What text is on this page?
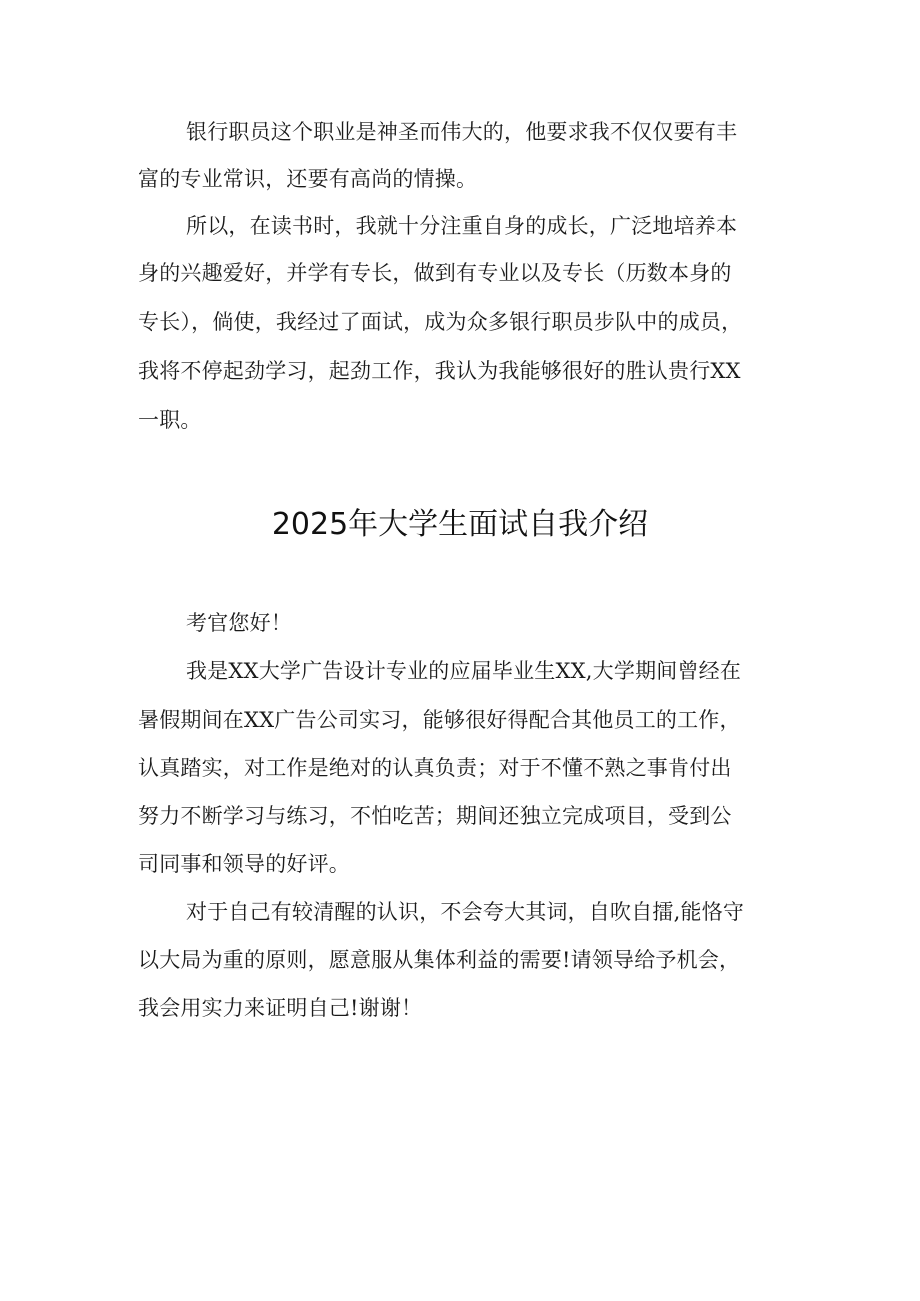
银行职员这个职业是神圣而伟大的，他要求我不仅仅要有丰
富的专业常识，还要有高尚的情操。
所以，在读书时，我就十分注重自身的成长，广泛地培养本
身的兴趣爱好，并学有专长，做到有专业以及专长（历数本身的
专长），倘使，我经过了面试，成为众多银行职员步队中的成员，
我将不停起劲学习，起劲工作，我认为我能够很好的胜认贵行XX
一职。
2025年大学生面试自我介绍
考官您好！
我是XX大学广告设计专业的应届毕业生XX,大学期间曾经在
暑假期间在XX广告公司实习，能够很好得配合其他员工的工作，
认真踏实，对工作是绝对的认真负责；对于不懂不熟之事肯付出
努力不断学习与练习，不怕吃苦；期间还独立完成项目，受到公
司同事和领导的好评。
对于自己有较清醒的认识，不会夸大其词，自吹自擂,能恪守
以大局为重的原则，愿意服从集体利益的需要!请领导给予机会，
我会用实力来证明自己!谢谢！
